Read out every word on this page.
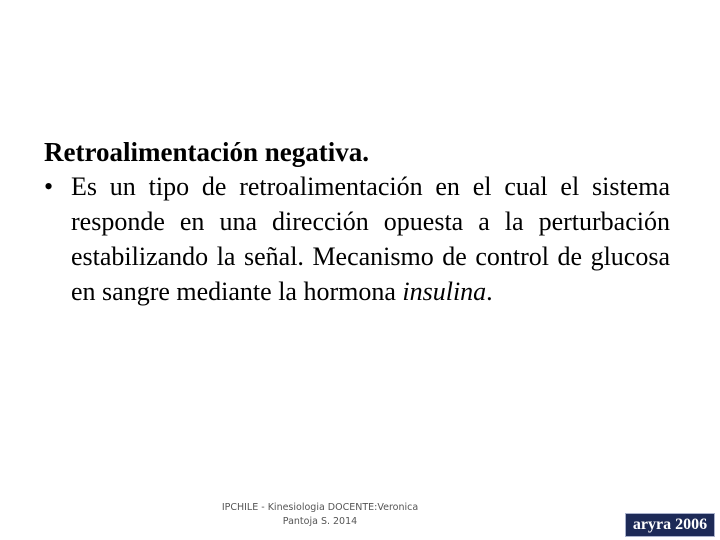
Retroalimentación negativa.

• Es un tipo de retroalimentación en el cual el sistema responde en una dirección opuesta a la perturbación estabilizando la señal. Mecanismo de control de glucosa en sangre mediante la hormona insulina.
IPCHILE - Kinesiologia DOCENTE:Veronica
Pantoja S. 2014	aryra 2006
